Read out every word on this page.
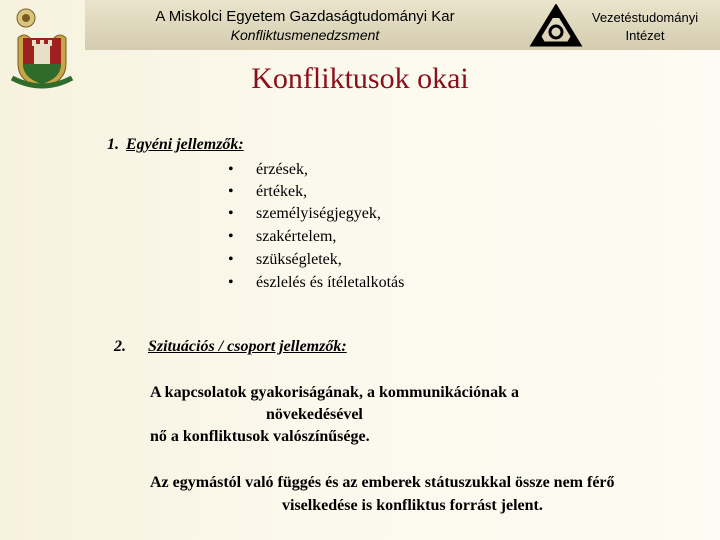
A Miskolci Egyetem Gazdaságtudományi Kar
Konfliktusmenedzsment
Vezetéstudományi
Intézet
Konfliktusok okai
1. Egyéni jellemzők:
• érzések,
• értékek,
• személyiségjegyek,
• szakértelem,
• szükségletek,
• észlelés és ítéletalkotás
2. Szituációs / csoport jellemzők:
A kapcsolatok gyakoriságának, a kommunikációnak a
növekedésével
nő a konfliktusok valószínűsége.
Az egymástól való függés és az emberek státuszukkal össze nem férő
viselkedése is konfliktus forrást jelent.
